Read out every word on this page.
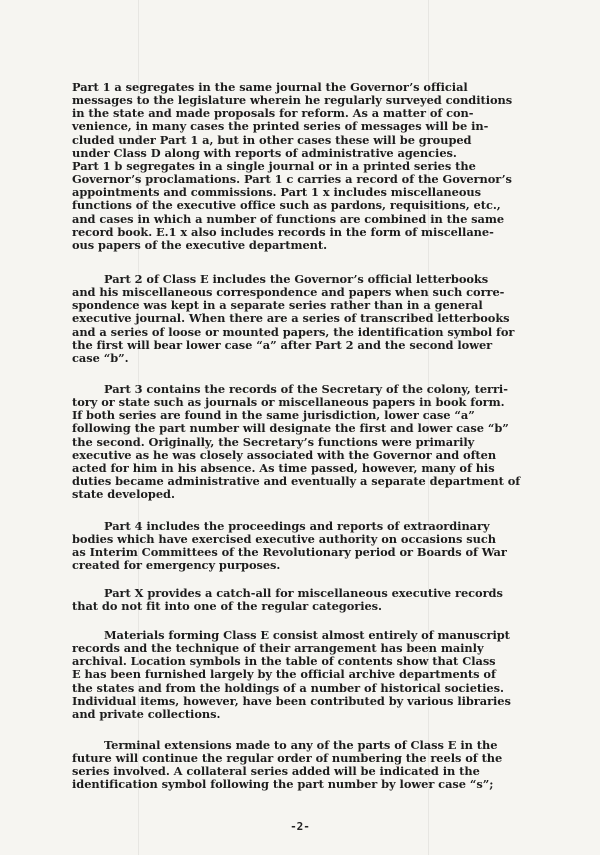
Part 1 a segregates in the same journal the Governor’s official
messages to the legislature wherein he regularly surveyed conditions
in the state and made proposals for reform. As a matter of con-
venience, in many cases the printed series of messages will be in-
cluded under Part 1 a, but in other cases these will be grouped
under Class D along with reports of administrative agencies.
Part 1 b segregates in a single journal or in a printed series the
Governor’s proclamations. Part 1 c carries a record of the Governor’s
appointments and commissions. Part 1 x includes miscellaneous
functions of the executive office such as pardons, requisitions, etc.,
and cases in which a number of functions are combined in the same
record book. E.1 x also includes records in the form of miscellane-
ous papers of the executive department.
Part 2 of Class E includes the Governor’s official letterbooks
and his miscellaneous correspondence and papers when such corre-
spondence was kept in a separate series rather than in a general
executive journal. When there are a series of transcribed letterbooks
and a series of loose or mounted papers, the identification symbol for
the first will bear lower case “a” after Part 2 and the second lower
case “b”.
Part 3 contains the records of the Secretary of the colony, terri-
tory or state such as journals or miscellaneous papers in book form.
If both series are found in the same jurisdiction, lower case “a”
following the part number will designate the first and lower case “b”
the second. Originally, the Secretary’s functions were primarily
executive as he was closely associated with the Governor and often
acted for him in his absence. As time passed, however, many of his
duties became administrative and eventually a separate department of
state developed.
Part 4 includes the proceedings and reports of extraordinary
bodies which have exercised executive authority on occasions such
as Interim Committees of the Revolutionary period or Boards of War
created for emergency purposes.
Part X provides a catch-all for miscellaneous executive records
that do not fit into one of the regular categories.
Materials forming Class E consist almost entirely of manuscript
records and the technique of their arrangement has been mainly
archival. Location symbols in the table of contents show that Class
E has been furnished largely by the official archive departments of
the states and from the holdings of a number of historical societies.
Individual items, however, have been contributed by various libraries
and private collections.
Terminal extensions made to any of the parts of Class E in the
future will continue the regular order of numbering the reels of the
series involved. A collateral series added will be indicated in the
identification symbol following the part number by lower case “s”;
-2-
